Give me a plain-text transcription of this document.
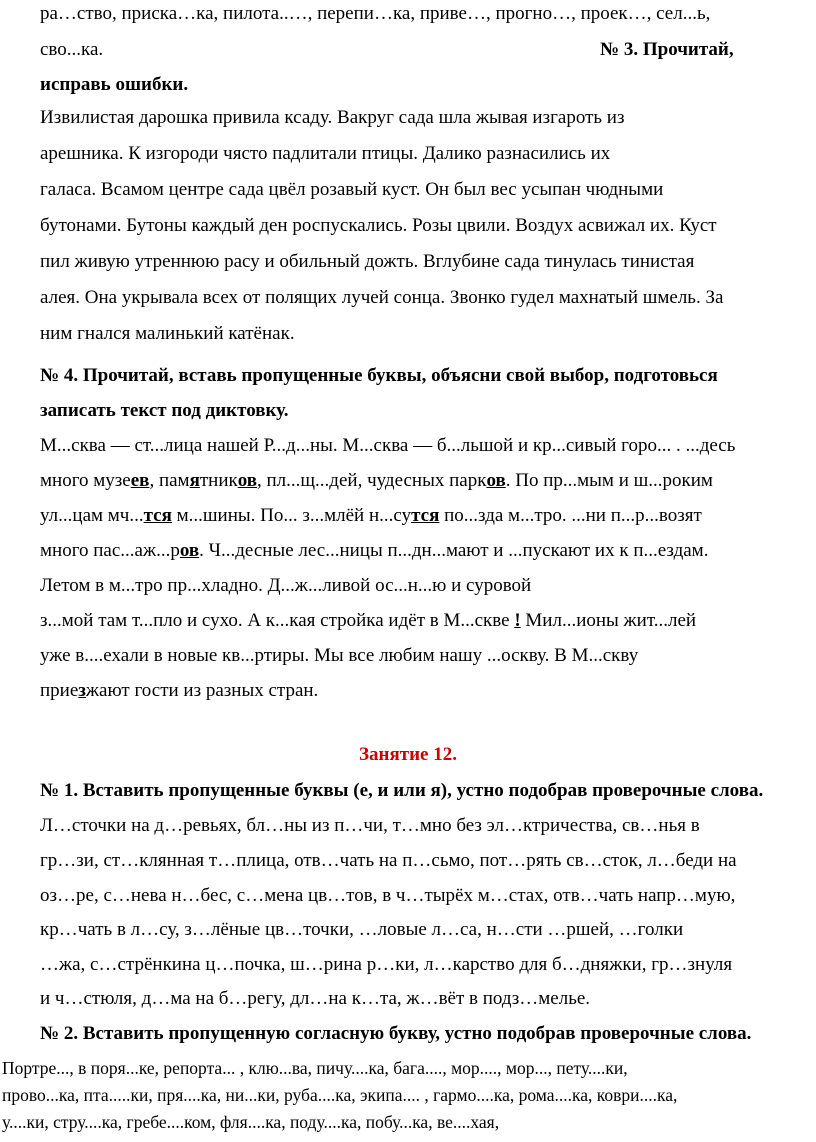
ра…ство, приска…ка, пилота..…, перепи…ка, приве…, прогно…, проек…, сел...ь,
сво...ка.	№ 3. Прочитай,
исправь ошибки.
Извилистая дарошка привила ксаду. Вакруг сада шла жывая изгароть из
арешника. К изгороди чясто падлитали птицы. Далико разнасились их
галаса. Всамом центре сада цвёл розавый куст. Он был вес усыпан чюдными
бутонами. Бутоны каждый ден роспускались. Розы цвили. Воздух асвижал их. Куст
пил живую утреннюю расу и обильный дожть. Вглубине сада тинулась тинистая
алея. Она укрывала всех от полящих лучей сонца. Звонко гудел махнатый шмель. За
ним гнался малинький катёнак.
№ 4. Прочитай, вставь пропущенные буквы, объясни свой выбор, подготовься
записать текст под диктовку.
М...сква — ст...лица нашей Р...д...ны. М...сква — б...льшой и кр...сивый горо... . ...десь
много музеев, памятников, пл...щ...дей, чудесных парков. По пр...мым и ш...роким
ул...цам мч...тся м...шины. По... з...млёй н...сутся по...зда м...тро. ...ни п...р...возят
много пас...аж...ров. Ч...десные лес...ницы п...дн...мают и ...пускают их к п...ездам.
Летом в м...тро пр...хладно. Д...ж...ливой ос...н...ю и суровой
з...мой там т...пло и сухо. А к...кая стройка идёт в М...скве ! Мил...ионы жит...лей
уже в....ехали в новые кв...ртиры. Мы все любим нашу ...оскву. В М...скву
приезжают гости из разных стран.
Занятие 12.
№ 1. Вставить пропущенные буквы (е, и или я), устно подобрав проверочные слова.
Л…сточки на д…ревьях, бл…ны из п…чи, т…мно без эл…ктричества, св…нья в
гр…зи, ст…клянная т…плица, отв…чать на п…сьмо, пот…рять св…сток, л…беди на
оз…ре, с…нева н…бес, с…мена цв…тов, в ч…тырёх м…стах, отв…чать напр…мую,
кр…чать в л…су, з…лёные цв…точки, …ловые л…са, н…сти …ршей, …голки
…жа, с…стрёнкина ц…почка, ш…рина р…ки, л…карство для б…дняжки, гр…знуля
и ч…стюля, д…ма на б…регу, дл…на к…та, ж…вёт в подз…мелье.
№ 2. Вставить пропущенную согласную букву, устно подобрав проверочные слова.
Портре..., в поря...ке, репорта... , клю...ва, пичу....ка, бага...., мор...., мор..., пету....ки,
прово...ка, пта.....ки, пря....ка, ни...ки, руба....ка, экипа.... , гармо....ка, рома....ка, коври....ка,
у....ки, стру....ка, гребе....ком, фля....ка, поду....ка, побу...ка, ве....хая,
